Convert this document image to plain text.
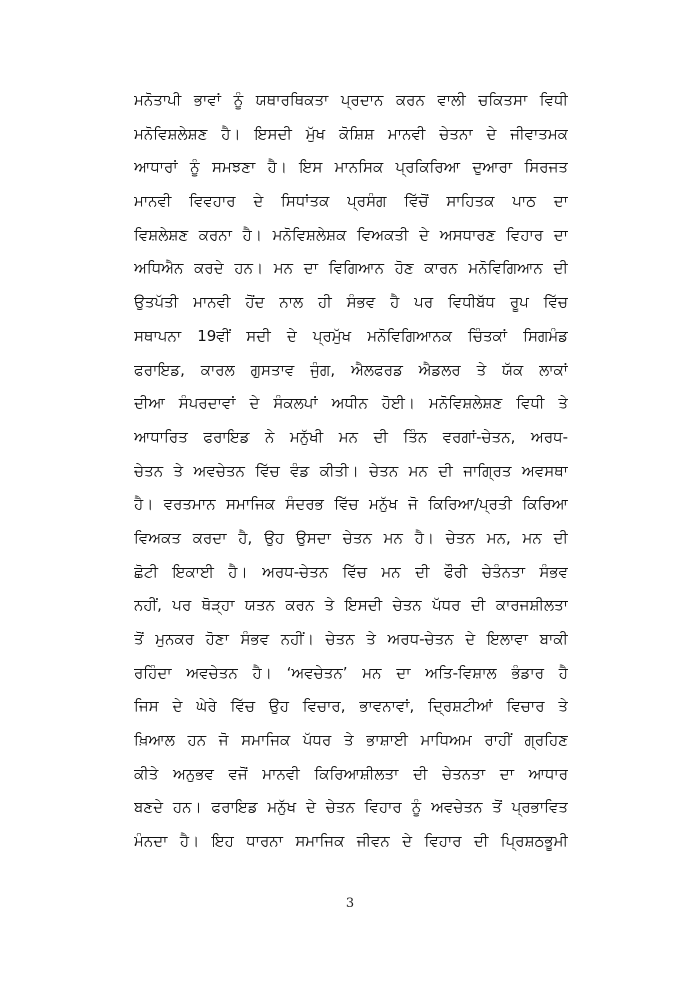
ਮਨੋਤਾਪੀ ਭਾਵਾਂ ਨੂੰ ਯਥਾਰਥਿਕਤਾ ਪ੍ਰਦਾਨ ਕਰਨ ਵਾਲੀ ਚਕਿਤਸਾ ਵਿਧੀ
ਮਨੋਵਿਸ਼ਲੇਸ਼ਣ ਹੈ। ਇਸਦੀ ਮੁੱਖ ਕੋਸ਼ਿਸ਼ ਮਾਨਵੀ ਚੇਤਨਾ ਦੇ ਜੀਵਾਤਮਕ
ਆਧਾਰਾਂ ਨੂੰ ਸਮਝਣਾ ਹੈ। ਇਸ ਮਾਨਸਿਕ ਪ੍ਰਕਿਰਿਆ ਦੁਆਰਾ ਸਿਰਜਤ
ਮਾਨਵੀ ਵਿਵਹਾਰ ਦੇ ਸਿਧਾਂਤਕ ਪ੍ਰਸੰਗ ਵਿੱਚੋਂ ਸਾਹਿਤਕ ਪਾਠ ਦਾ
ਵਿਸ਼ਲੇਸ਼ਣ ਕਰਨਾ ਹੈ। ਮਨੋਵਿਸ਼ਲੇਸ਼ਕ ਵਿਅਕਤੀ ਦੇ ਅਸਧਾਰਣ ਵਿਹਾਰ ਦਾ
ਅਧਿਐਨ ਕਰਦੇ ਹਨ। ਮਨ ਦਾ ਵਿਗਿਆਨ ਹੋਣ ਕਾਰਨ ਮਨੋਵਿਗਿਆਨ ਦੀ
ਉਤਪੱਤੀ ਮਾਨਵੀ ਹੋਂਦ ਨਾਲ ਹੀ ਸੰਭਵ ਹੈ ਪਰ ਵਿਧੀਬੱਧ ਰੂਪ ਵਿੱਚ
ਸਥਾਪਨਾ 19ਵੀਂ ਸਦੀ ਦੇ ਪ੍ਰਮੁੱਖ ਮਨੋਵਿਗਿਆਨਕ ਚਿੰਤਕਾਂ ਸਿਗਮੰਡ
ਫਰਾਇਡ, ਕਾਰਲ ਗੁਸਤਾਵ ਜੁੰਗ, ਐਲਫਰਡ ਐਡਲਰ ਤੇ ਯੱਕ ਲਾਕਾਂ
ਦੀਆ ਸੰਪਰਦਾਵਾਂ ਦੇ ਸੰਕਲਪਾਂ ਅਧੀਨ ਹੋਈ। ਮਨੋਵਿਸ਼ਲੇਸ਼ਣ ਵਿਧੀ ਤੇ
ਆਧਾਰਿਤ ਫਰਾਇਡ ਨੇ ਮਨੁੱਖੀ ਮਨ ਦੀ ਤਿੰਨ ਵਰਗਾਂ-ਚੇਤਨ, ਅਰਧ-
ਚੇਤਨ ਤੇ ਅਵਚੇਤਨ ਵਿੱਚ ਵੰਡ ਕੀਤੀ। ਚੇਤਨ ਮਨ ਦੀ ਜਾਗ੍ਰਿਤ ਅਵਸਥਾ
ਹੈ। ਵਰਤਮਾਨ ਸਮਾਜਿਕ ਸੰਦਰਭ ਵਿੱਚ ਮਨੁੱਖ ਜੋ ਕਿਰਿਆ/ਪ੍ਰਤੀ ਕਿਰਿਆ
ਵਿਅਕਤ ਕਰਦਾ ਹੈ, ਉਹ ਉਸਦਾ ਚੇਤਨ ਮਨ ਹੈ। ਚੇਤਨ ਮਨ, ਮਨ ਦੀ
ਛੋਟੀ ਇਕਾਈ ਹੈ। ਅਰਧ-ਚੇਤਨ ਵਿੱਚ ਮਨ ਦੀ ਫੌਰੀ ਚੇਤੰਨਤਾ ਸੰਭਵ
ਨਹੀਂ, ਪਰ ਥੋੜ੍ਹਾ ਯਤਨ ਕਰਨ ਤੇ ਇਸਦੀ ਚੇਤਨ ਪੱਧਰ ਦੀ ਕਾਰਜਸ਼ੀਲਤਾ
ਤੋਂ ਮੁਨਕਰ ਹੋਣਾ ਸੰਭਵ ਨਹੀਂ। ਚੇਤਨ ਤੇ ਅਰਧ-ਚੇਤਨ ਦੇ ਇਲਾਵਾ ਬਾਕੀ
ਰਹਿੰਦਾ ਅਵਚੇਤਨ ਹੈ। ‘ਅਵਚੇਤਨ’ ਮਨ ਦਾ ਅਤਿ-ਵਿਸ਼ਾਲ ਭੰਡਾਰ ਹੈ
ਜਿਸ ਦੇ ਘੇਰੇ ਵਿੱਚ ਉਹ ਵਿਚਾਰ, ਭਾਵਨਾਵਾਂ, ਦ੍ਰਿਸ਼ਟੀਆਂ ਵਿਚਾਰ ਤੇ
ਖ਼ਿਆਲ ਹਨ ਜੋ ਸਮਾਜਿਕ ਪੱਧਰ ਤੇ ਭਾਸ਼ਾਈ ਮਾਧਿਅਮ ਰਾਹੀਂ ਗ੍ਰਹਿਣ
ਕੀਤੇ ਅਨੁਭਵ ਵਜੋਂ ਮਾਨਵੀ ਕਿਰਿਆਸ਼ੀਲਤਾ ਦੀ ਚੇਤਨਤਾ ਦਾ ਆਧਾਰ
ਬਣਦੇ ਹਨ। ਫਰਾਇਡ ਮਨੁੱਖ ਦੇ ਚੇਤਨ ਵਿਹਾਰ ਨੂੰ ਅਵਚੇਤਨ ਤੋਂ ਪ੍ਰਭਾਵਿਤ
ਮੰਨਦਾ ਹੈ। ਇਹ ਧਾਰਨਾ ਸਮਾਜਿਕ ਜੀਵਨ ਦੇ ਵਿਹਾਰ ਦੀ ਪ੍ਰਿਸ਼ਠਭੂਮੀ
3
